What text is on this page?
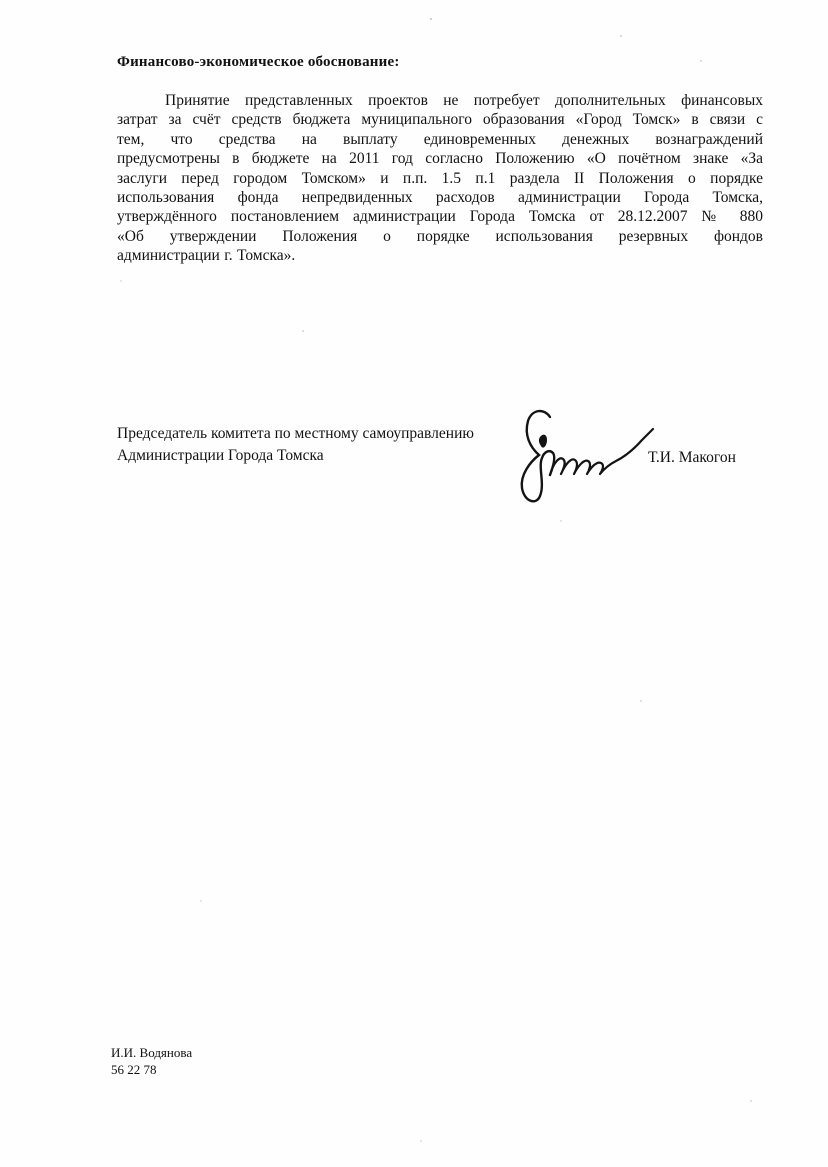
Финансово-экономическое обоснование:
Принятие представленных проектов не потребует дополнительных финансовых
затрат за счёт средств бюджета муниципального образования «Город Томск» в связи с
тем, что средства на выплату единовременных денежных вознаграждений
предусмотрены в бюджете на 2011 год согласно Положению «О почётном знаке «За
заслуги перед городом Томском» и п.п. 1.5 п.1 раздела II Положения о порядке
использования фонда непредвиденных расходов администрации Города Томска,
утверждённого постановлением администрации Города Томска от 28.12.2007 № 880
«Об утверждении Положения о порядке использования резервных фондов
администрации г. Томска».
Председатель комитета по местному самоуправлению
Администрации Города Томска	Т.И. Макогон
И.И. Водянова
56 22 78
